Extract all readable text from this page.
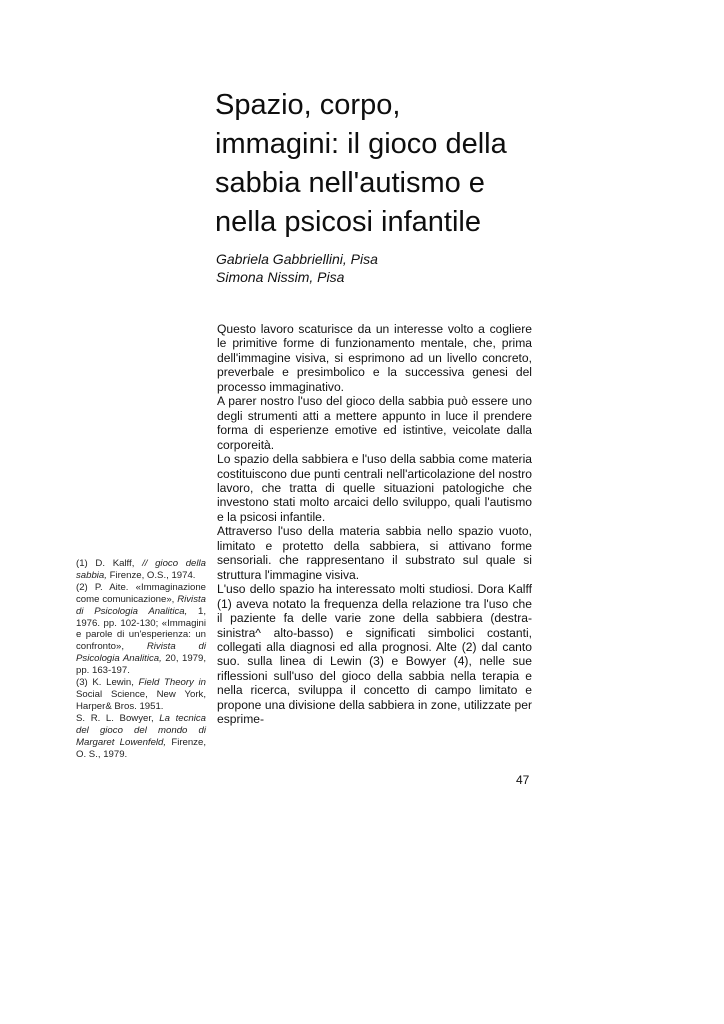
Spazio, corpo,
immagini: il gioco della
sabbia nell'autismo e
nella psicosi infantile
Gabriela Gabbriellini, Pisa
Simona Nissim, Pisa

Questo lavoro scaturisce da un interesse volto a cogliere le primitive forme di funzionamento mentale, che, prima dell'immagine visiva, si esprimono ad un livello concreto, preverbale e presimbolico e la successiva genesi del processo immaginativo.

A parer nostro l'uso del gioco della sabbia può essere uno degli strumenti atti a mettere appunto in luce il prendere forma di esperienze emotive ed istintive, veicolate dalla corporeità.

Lo spazio della sabbiera e l'uso della sabbia come materia costituiscono due punti centrali nell'articolazione del nostro lavoro, che tratta di quelle situazioni patologiche che investono stati molto arcaici dello sviluppo, quali l'autismo e la psicosi infantile.

Attraverso l'uso della materia sabbia nello spazio vuoto, limitato e protetto della sabbiera, si attivano forme sensoriali. che rappresentano il substrato sul quale si struttura l'immagine visiva.

L'uso dello spazio ha interessato molti studiosi. Dora Kalff (1) aveva notato la frequenza della relazione tra l'uso che il paziente fa delle varie zone della sabbiera (destra-sinistra^ alto-basso) e significati simbolici costanti, collegati alla diagnosi ed alla prognosi. Alte (2) dal canto suo. sulla linea di Lewin (3) e Bowyer (4), nelle sue riflessioni sull'uso del gioco della sabbia nella terapia e nella ricerca, sviluppa il concetto di campo limitato e propone una divisione della sabbiera in zone, utilizzate per esprime-

(1) D. Kalff, // gioco della sabbia, Firenze, O.S., 1974.

(2) P. Aite. «Immaginazione come comunicazione», Rivista di Psicologia Analitica, 1, 1976. pp. 102-130; «Immagini e parole di un'esperienza: un confronto», Rivista di Psicologia Analitica, 20, 1979, pp. 163-197.

(3) K. Lewin, Field Theory in Social Science, New York, Harper& Bros. 1951.

S. R. L. Bowyer, La tecnica del gioco del mondo di Margaret Lowenfeld, Firenze, O. S., 1979.

47
